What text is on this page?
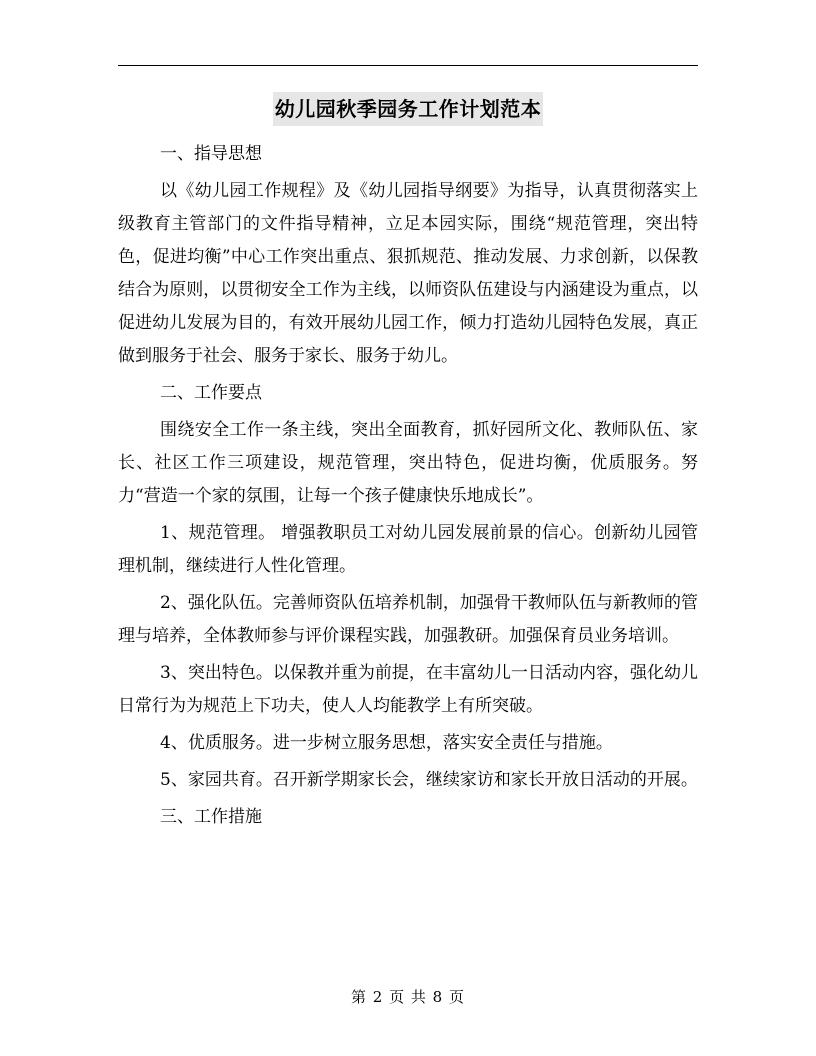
幼儿园秋季园务工作计划范本
一、指导思想

以《幼儿园工作规程》及《幼儿园指导纲要》为指导，认真贯彻落实上级教育主管部门的文件指导精神，立足本园实际，围绕“规范管理，突出特色，促进均衡”中心工作突出重点、狠抓规范、推动发展、力求创新，以保教结合为原则，以贯彻安全工作为主线，以师资队伍建设与内涵建设为重点，以促进幼儿发展为目的，有效开展幼儿园工作，倾力打造幼儿园特色发展，真正做到服务于社会、服务于家长、服务于幼儿。

二、工作要点

围绕安全工作一条主线，突出全面教育，抓好园所文化、教师队伍、家长、社区工作三项建设，规范管理，突出特色，促进均衡，优质服务。努力“营造一个家的氛围，让每一个孩子健康快乐地成长”。

1、规范管理。 增强教职员工对幼儿园发展前景的信心。创新幼儿园管理机制，继续进行人性化管理。

2、强化队伍。完善师资队伍培养机制，加强骨干教师队伍与新教师的管理与培养，全体教师参与评价课程实践，加强教研。加强保育员业务培训。

3、突出特色。以保教并重为前提，在丰富幼儿一日活动内容，强化幼儿日常行为为规范上下功夫，使人人均能教学上有所突破。

4、优质服务。进一步树立服务思想，落实安全责任与措施。

5、家园共育。召开新学期家长会，继续家访和家长开放日活动的开展。

三、工作措施
第 2 页 共 8 页
